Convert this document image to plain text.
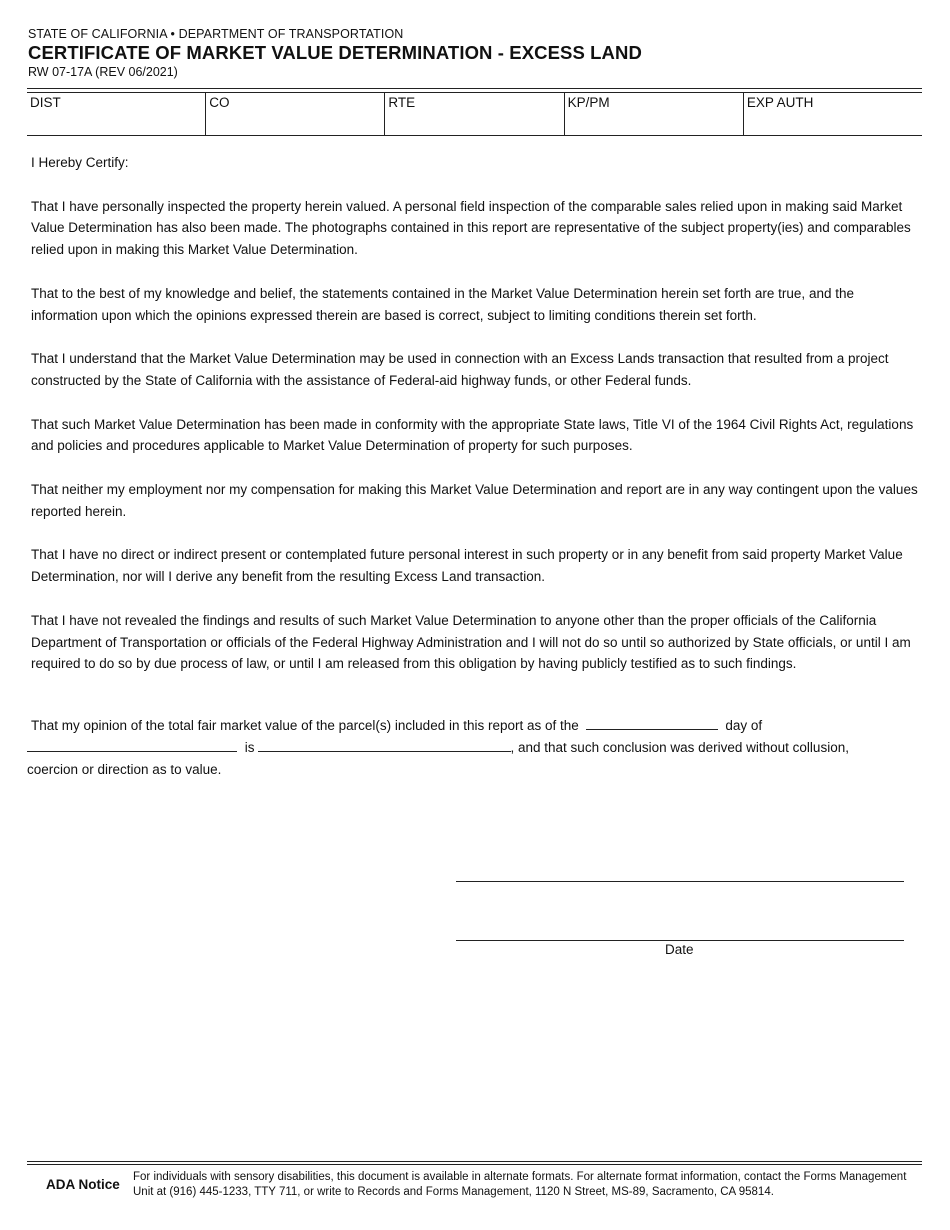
STATE OF CALIFORNIA • DEPARTMENT OF TRANSPORTATION
CERTIFICATE OF MARKET VALUE DETERMINATION - EXCESS LAND
RW 07-17A (REV 06/2021)
DIST	CO	RTE	KP/PM	EXP AUTH

I Hereby Certify:

That I have personally inspected the property herein valued. A personal field inspection of the comparable sales relied upon in making said Market Value Determination has also been made. The photographs contained in this report are representative of the subject property(ies) and comparables relied upon in making this Market Value Determination.

That to the best of my knowledge and belief, the statements contained in the Market Value Determination herein set forth are true, and the information upon which the opinions expressed therein are based is correct, subject to limiting conditions therein set forth.

That I understand that the Market Value Determination may be used in connection with an Excess Lands transaction that resulted from a project constructed by the State of California with the assistance of Federal-aid highway funds, or other Federal funds.

That such Market Value Determination has been made in conformity with the appropriate State laws, Title VI of the 1964 Civil Rights Act, regulations and policies and procedures applicable to Market Value Determination of property for such purposes.

That neither my employment nor my compensation for making this Market Value Determination and report are in any way contingent upon the values reported herein.

That I have no direct or indirect present or contemplated future personal interest in such property or in any benefit from said property Market Value Determination, nor will I derive any benefit from the resulting Excess Land transaction.

That I have not revealed the findings and results of such Market Value Determination to anyone other than the proper officials of the California Department of Transportation or officials of the Federal Highway Administration and I will not do so until so authorized by State officials, or until I am required to do so by due process of law, or until I am released from this obligation by having publicly testified as to such findings.

That my opinion of the total fair market value of the parcel(s) included in this report as of the	day of
is	, and that such conclusion was derived without collusion,
coercion or direction as to value.
Date
ADA Notice For individuals with sensory disabilities, this document is available in alternate formats. For alternate format information, contact the Forms Management Unit at (916) 445-1233, TTY 711, or write to Records and Forms Management, 1120 N Street, MS-89, Sacramento, CA 95814.
